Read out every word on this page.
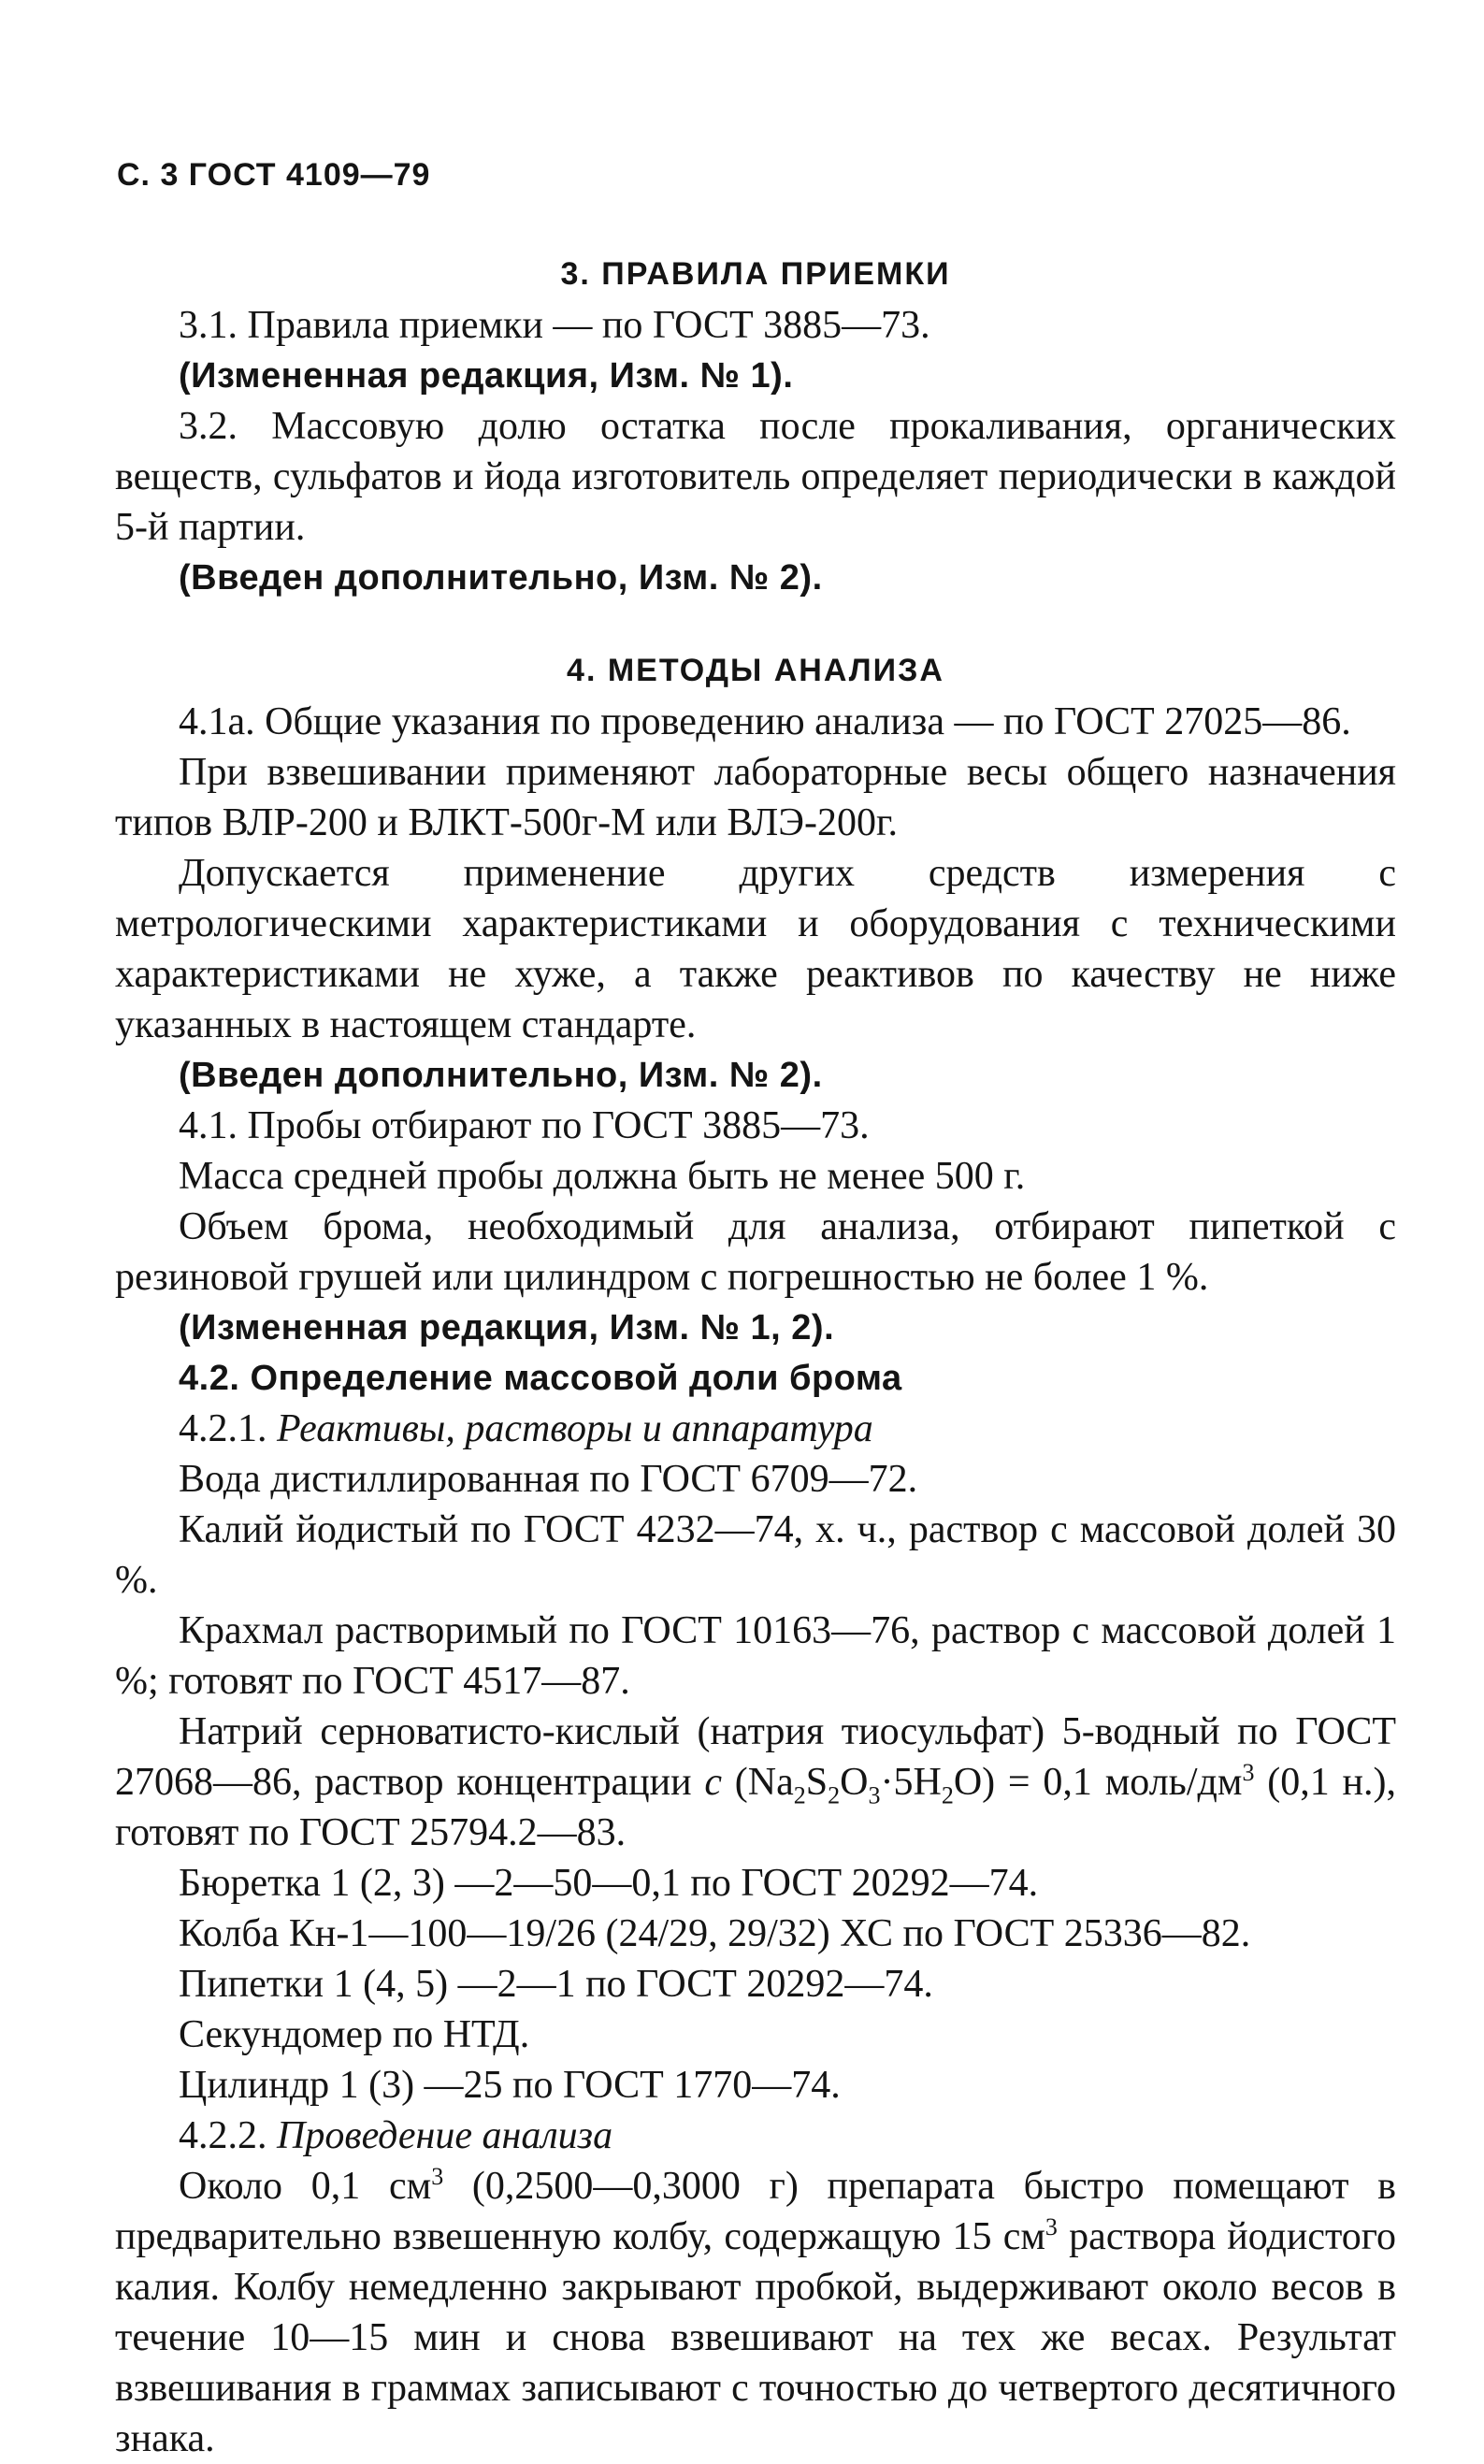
С. 3 ГОСТ 4109—79
3. ПРАВИЛА ПРИЕМКИ

3.1. Правила приемки — по ГОСТ 3885—73.

(Измененная редакция, Изм. № 1).

3.2. Массовую долю остатка после прокаливания, органических веществ, сульфатов и йода изготовитель определяет периодически в каждой 5-й партии.

(Введен дополнительно, Изм. № 2).

4. МЕТОДЫ АНАЛИЗА

4.1а. Общие указания по проведению анализа — по ГОСТ 27025—86.

При взвешивании применяют лабораторные весы общего назначения типов ВЛР-200 и ВЛКТ-500г-М или ВЛЭ-200г.

Допускается применение других средств измерения с метрологическими характеристиками и оборудования с техническими характеристиками не хуже, а также реактивов по качеству не ниже указанных в настоящем стандарте.

(Введен дополнительно, Изм. № 2).

4.1. Пробы отбирают по ГОСТ 3885—73.

Масса средней пробы должна быть не менее 500 г.

Объем брома, необходимый для анализа, отбирают пипеткой с резиновой грушей или цилиндром с погрешностью не более 1 %.

(Измененная редакция, Изм. № 1, 2).

4.2. Определение массовой доли брома

4.2.1. Реактивы, растворы и аппаратура

Вода дистиллированная по ГОСТ 6709—72.

Калий йодистый по ГОСТ 4232—74, х. ч., раствор с массовой долей 30 %.

Крахмал растворимый по ГОСТ 10163—76, раствор с массовой долей 1 %; готовят по ГОСТ 4517—87.

Натрий серноватисто-кислый (натрия тиосульфат) 5-водный по ГОСТ 27068—86, раствор концентрации c $(Na_2S_2O_3\cdot 5H_2O) = 0,1$ моль/$дм^3$ (0,1 н.), готовят по ГОСТ 25794.2—83.

Бюретка 1 (2, 3) —2—50—0,1 по ГОСТ 20292—74.

Колба Кн-1—100—19/26 (24/29, 29/32) ХС по ГОСТ 25336—82.

Пипетки 1 (4, 5) —2—1 по ГОСТ 20292—74.

Секундомер по НТД.

Цилиндр 1 (3) —25 по ГОСТ 1770—74.

4.2.2. Проведение анализа

Около 0,1 $см^3$ (0,2500—0,3000 г) препарата быстро помещают в предварительно взвешенную колбу, содержащую 15 $см^3$ раствора йодистого калия. Колбу немедленно закрывают пробкой, выдерживают около весов в течение 10—15 мин и снова взвешивают на тех же весах. Результат взвешивания в граммах записывают с точностью до четвертого десятичного знака.
